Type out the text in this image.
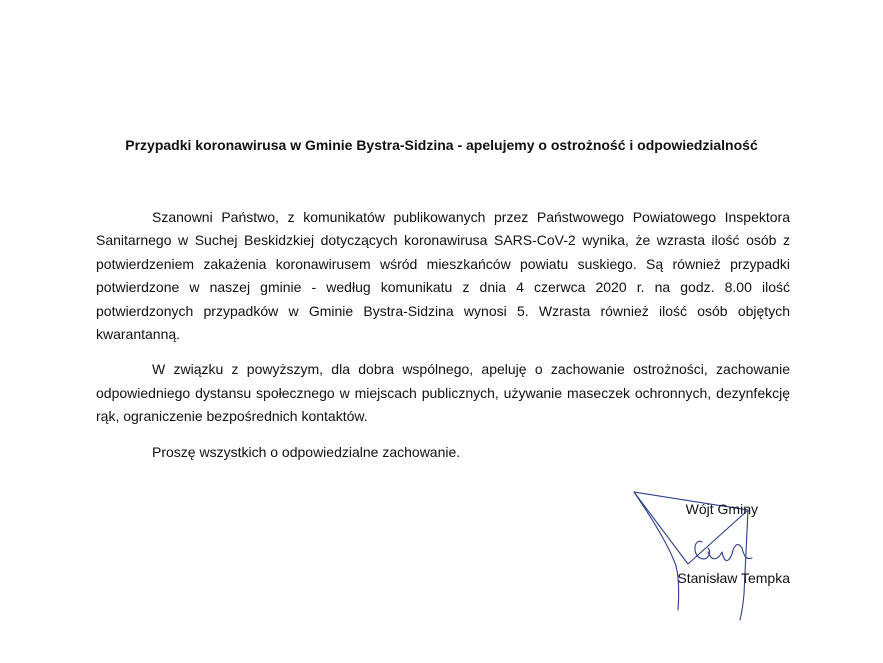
Przypadki koronawirusa w Gminie Bystra-Sidzina - apelujemy o ostrożność i odpowiedzialność

Szanowni Państwo, z komunikatów publikowanych przez Państwowego Powiatowego Inspektora Sanitarnego w Suchej Beskidzkiej dotyczących koronawirusa SARS-CoV-2 wynika, że wzrasta ilość osób z potwierdzeniem zakażenia koronawirusem wśród mieszkańców powiatu suskiego. Są również przypadki potwierdzone w naszej gminie - według komunikatu z dnia 4 czerwca 2020 r. na godz. 8.00 ilość potwierdzonych przypadków w Gminie Bystra-Sidzina wynosi 5. Wzrasta również ilość osób objętych kwarantanną.

W związku z powyższym, dla dobra wspólnego, apeluję o zachowanie ostrożności, zachowanie odpowiedniego dystansu społecznego w miejscach publicznych, używanie maseczek ochronnych, dezynfekcję rąk, ograniczenie bezpośrednich kontaktów.

Proszę wszystkich o odpowiedzialne zachowanie.

Wójt Gminy
Stanisław Tempka
